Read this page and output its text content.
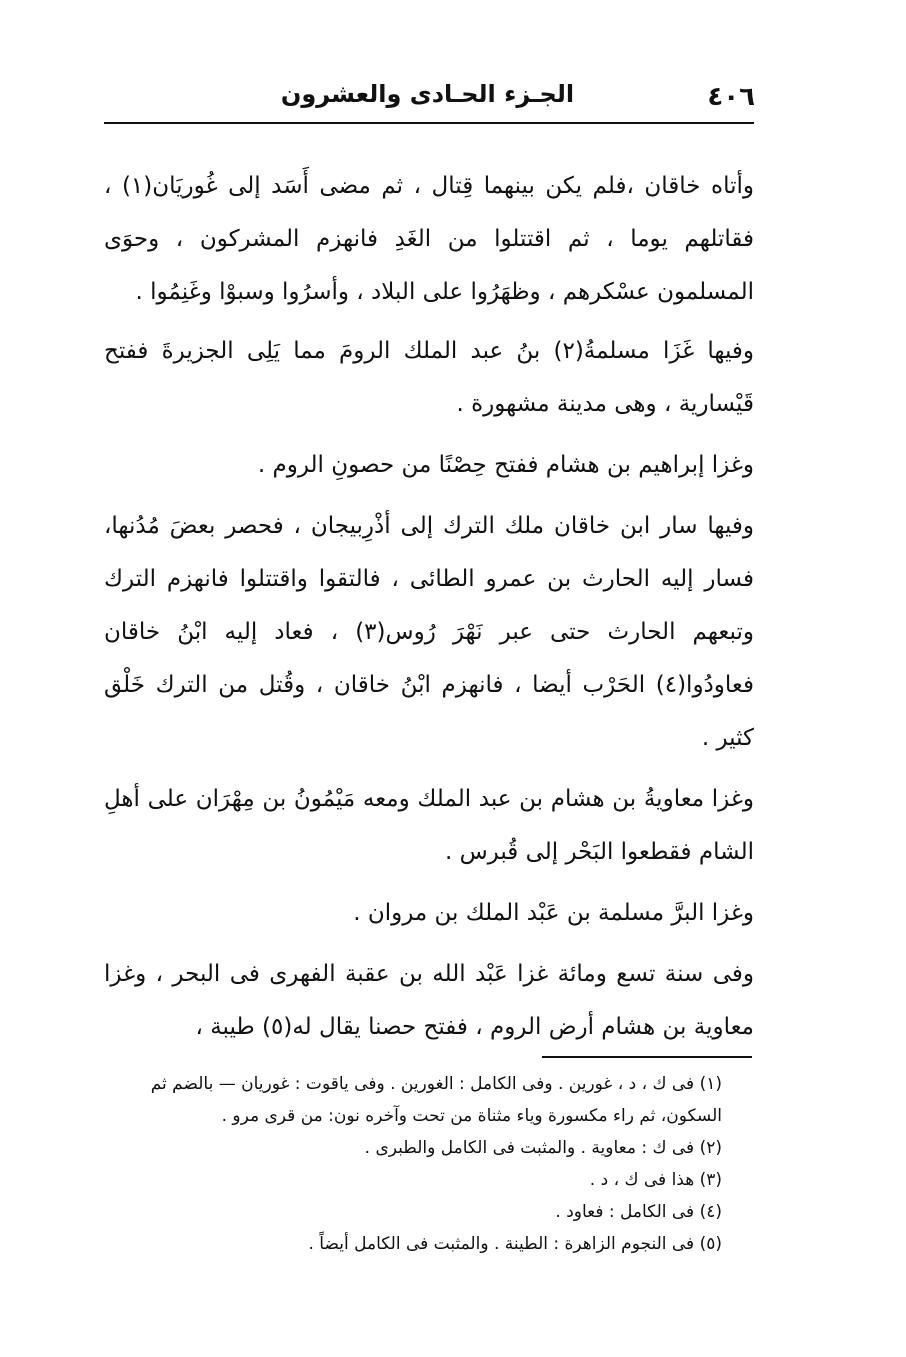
٤٠٦
الجـزء الحـادى والعشرون

وأتاه خاقان ،فلم يكن بينهما قِتال ، ثم مضى أَسَد إلى غُوريَان(١) ، فقاتلهم يوما ، ثم اقتتلوا من الغَدِ فانهزم المشركون ، وحوَى المسلمون عسْكرهم ، وظهَرُوا على البلاد ، وأسرُوا وسبوْا وغَنِمُوا .

وفيها غَزَا مسلمةُ(٢) بنُ عبد الملك الرومَ مما يَلِى الجزيرةَ ففتح قَيْسارية ، وهى مدينة مشهورة .

وغزا إبراهيم بن هشام ففتح حِصْنًا من حصونِ الروم .

وفيها سار ابن خاقان ملك الترك إلى أذْرِبيجان ، فحصر بعضَ مُدُنها، فسار إليه الحارث بن عمرو الطائى ، فالتقوا واقتتلوا فانهزم الترك وتبعهم الحارث حتى عبر نَهْرَ رُوس(٣) ، فعاد إليه ابْنُ خاقان فعاودُوا(٤) الحَرْب أيضا ، فانهزم ابْنُ خاقان ، وقُتل من الترك خَلْق كثير .

وغزا معاويةُ بن هشام بن عبد الملك ومعه مَيْمُونُ بن مِهْرَان على أهلِ الشام فقطعوا البَحْر إلى قُبرس .

وغزا البرَّ مسلمة بن عَبْد الملك بن مروان .

وفى سنة تسع ومائة غزا عَبْد الله بن عقبة الفهرى فى البحر ، وغزا معاوية بن هشام أرض الروم ، ففتح حصنا يقال له(٥) طيبة ،

(١) فى ك ، د ، غورين . وفى الكامل : الغورين . وفى ياقوت : غوريان — بالضم ثم السكون، ثم راء مكسورة وياء مثناة من تحت وآخره نون: من قرى مرو .

(٢) فى ك : معاوية . والمثبت فى الكامل والطبرى .

(٣) هذا فى ك ، د .

(٤) فى الكامل : فعاود .

(٥) فى النجوم الزاهرة : الطينة . والمثبت فى الكامل أيضاً .
